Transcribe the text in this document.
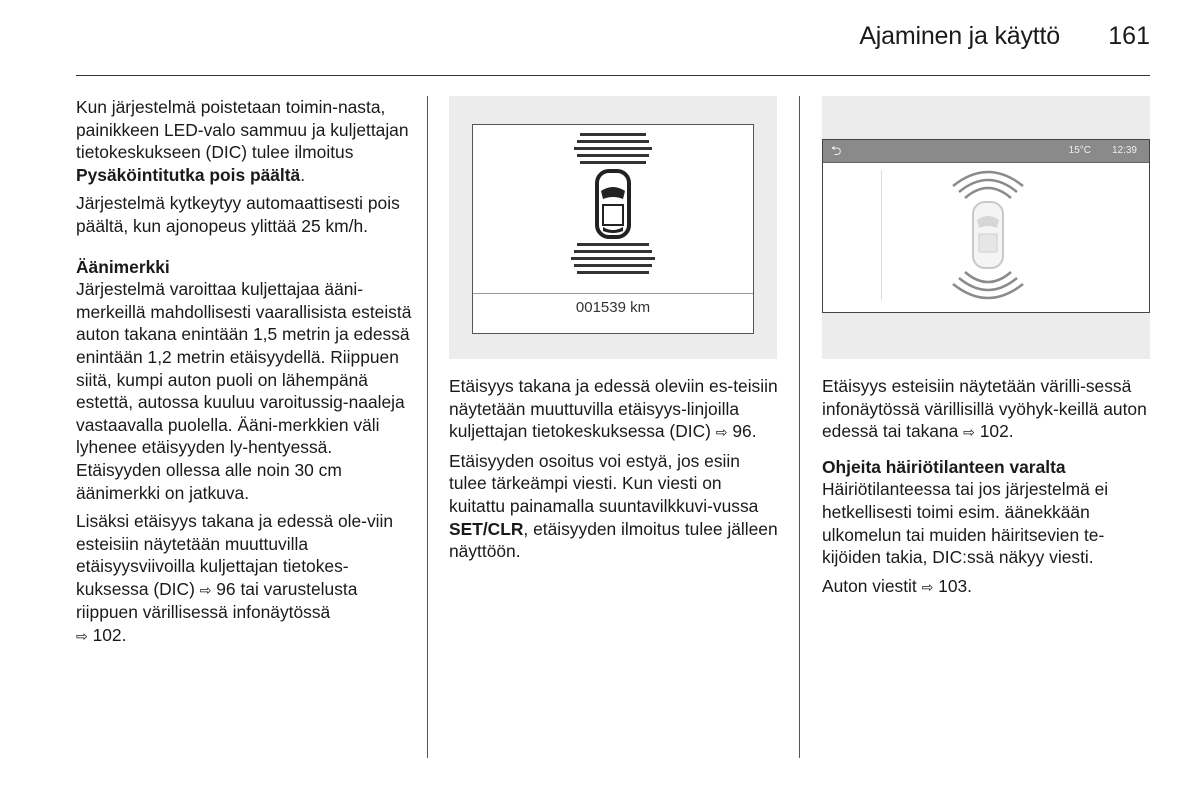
Ajaminen ja käyttö	161

Kun järjestelmä poistetaan toimin-nasta, painikkeen LED-valo sammuu ja kuljettajan tietokeskukseen (DIC) tulee ilmoitus Pysäköintitutka pois päältä.

Järjestelmä kytkeytyy automaattisesti pois päältä, kun ajonopeus ylittää 25 km/h.

Äänimerkki

Järjestelmä varoittaa kuljettajaa ääni-merkeillä mahdollisesti vaarallisista esteistä auton takana enintään 1,5 metrin ja edessä enintään 1,2 metrin etäisyydellä. Riippuen siitä, kumpi auton puoli on lähempänä estettä, autossa kuuluu varoitussig-naaleja vastaavalla puolella. Ääni-merkkien väli lyhenee etäisyyden ly-hentyessä. Etäisyyden ollessa alle noin 30 cm äänimerkki on jatkuva.

Lisäksi etäisyys takana ja edessä ole-viin esteisiin näytetään muuttuvilla etäisyysviivoilla kuljettajan tietokes-kuksessa (DIC) ⇨ 96 tai varustelusta riippuen värillisessä infonäytössä
⇨ 102.

001539 km

Etäisyys takana ja edessä oleviin es-teisiin näytetään muuttuvilla etäisyys-linjoilla kuljettajan tietokeskuksessa (DIC) ⇨ 96.

Etäisyyden osoitus voi estyä, jos esiin tulee tärkeämpi viesti. Kun viesti on kuitattu painamalla suuntavilkkuvi-vussa SET/CLR, etäisyyden ilmoitus tulee jälleen näyttöön.

⮌	15°C 12:39

Etäisyys esteisiin näytetään värilli-sessä infonäytössä värillisillä vyöhyk-keillä auton edessä tai takana ⇨ 102.

Ohjeita häiriötilanteen varalta

Häiriötilanteessa tai jos järjestelmä ei hetkellisesti toimi esim. äänekkään ulkomelun tai muiden häiritsevien te-kijöiden takia, DIC:ssä näkyy viesti.

Auton viestit ⇨ 103.
